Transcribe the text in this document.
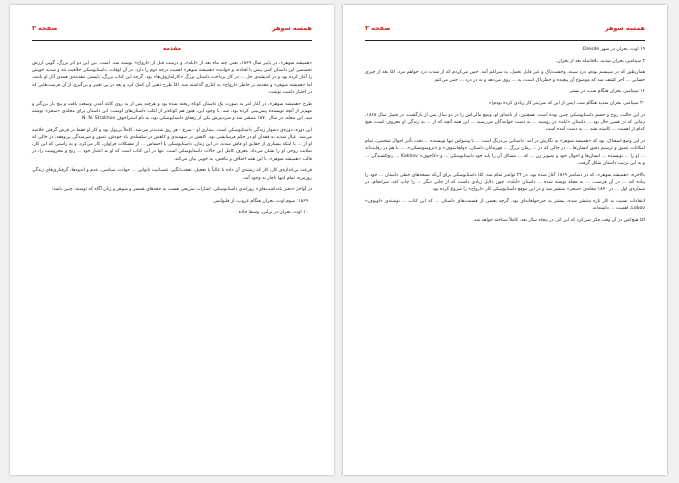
همسه سوهر
صفحه ۲
مقدمه

«همیشه شوهر»، در پاییز سال ۱۸۶۹، یعنی چند ماه بعد از «ابله»، و درست قبل از «ارواح» نوشته شد. است. بین این دو اثر بزرگ، گویی ارزش تخصصی این داستان کمی پیش پا افتاده، و خواننده «همیشه شوهر» اهمیت درجه دوم را دارد. در آن اوقات، داستایوسکی خلاقیت تند و شدید خویش را آغاز کرده بود و در اندیشه‌ی حل ... در کار پرداخت داستان بزرگ «کارامازوف‌ها» بود. گرچه این کتاب بزرگ، بایستی مقدمه‌ی همه‌ی آثار او باشد، اما «همیشه شوهر» و مقدمه بر خاطر «ارواح» به کناری گذاشته شد. امّا طرح ذهنی آن کمک کرد و بعد در پی تغییر و بی‌گیری از آن فرصت‌هایی که در اختیار داشت نوشت.

طرح «همیشه شوهر»، در آغاز امر به صورت یک داستان کوتاه ریخته شده بود و هرچند پس از به روی کاغذ آمدن وسعت یافت و پنج بار بزرگتر و مهم‌تر از آنچه نویسنده پیش‌بینی کرده بود، شد. با وجود این، هنوز هم کوتاه‌تر از اغلب داستان‌های اوست. این داستان برای مجله‌ی «سحر» نوشته شد، این مجله، در سال ۱۸۷۰ منتشر شد و سردبیرش یکی از رفقای داستایوسکی بود، به نام استراخوف N. N. Strakhov.

این دوره، دوره‌ی دشوار زندگی داستایوسکی است. بیماری او - صرع - هر روز شدیدتر می‌شد. کاملاً بی‌پول بود و کار او فقط در قرض گرفتن خلاصه می‌شد. عیال شدید به فقدان او در حکم فرسایشی بود. کاهش در سهمیه‌ی و کاهش در سلسله‌ی یاد خودش، تصور و شرمندگی بی‌وقفه، در حالی که او از ... با اینکه بسیاری از حقایق او فاش شدند، در این زمان، داستایوسکی با احساس ... از مشکلات فراوان، کار می‌کرد، و به راستی که این کار، صلابت روحی او را نشان می‌داد. معرف کامل این حالات داستایوسکی است. تنها در این کتاب است که او به اعتبار خود ... رنج و محرومیت را، در قالب «همیشه شوهر»، با این همه اختلاف و تناقض، به خوبی بیان می‌کند.

قرعت بی‌اندازه‌ی کار، کار که رشته‌ی آن داده تا غالباً با تعجیل، تعجب‌انگیز، عصبانیت ناتوانی ... حوادث سیاسی، عدم و اندوه‌ها، گرفتاری‌های زندگی روزمره، تمام اینها ناچار به وجود آمد.

در آواخر «دفتر یادداشت‌های» روزانه‌ی داستایوسکی، اشارات صریحی هست به حقه‌های همسر و شوهر و زنان آگاه که توشته، چنین باشد:

۱۸۶۹: سوم اوت، بحران هنگام غروب، از قلیوانس.
۱۰ اوت، بحران در برلین، وسط جاده.
همسه سوهر
صفحه ۳

۱۹ اوت، بحران در شهر Dresde.

۲ سپتامبر، بحران شدید، بلافاصله بعد از بحران.

همان‌طور که در سیستم بودم، درد سینه، وحشت‌ناک و غیر قابل تحمل، به سراغم آمد. حس می‌کردم که از شدت درد خواهم مرد. امّا بعد از چیزی حسابی ... آخر کشف شد که موضوع آن پیچیده و خطرناک است، به ... روی می‌دهد و نه در درد ... حس می‌کنم.

۱۶ سپتامبر، بحران هنگام شب، در بستر.

۳۰ سپتامبر، بحران شدید هنگام شب (پس از این که سرتیتر کار زیادی کرده بودم)»

در این حالت، روح و جسم داستایوسکی چنین بوده است. همچنین، از نامه‌ای او، وضع مالی‌اش را در دو سال پس از بازگشت، در فصل سال ۱۸۶۸، زمانی که در همین حال بود ... داستان «ابله» در روسیه ... به دست خوانندگان می‌رسید ... این همه آنچه که از ... به زندگی او معروف است، هیچ کدام از اهمیت ... کاسته نشد ... به دست آمده است.

در این وضع اسفناک، بود که «همیشه شوهر» به نگارش در آمد. داستانی بی‌درنگ است ... با وسواس تنها نویسنده ... تحت تأثیر احوال شخصی، تمام امکانات عمیق و ترسیم دقیق انسان‌ها ... در حالی که در ... رمان بزرگ ... قهرمانان داستان، «ولچانینوف» و «تروسوتسکی»، ... با هم در رقابت‌اند ... او را ... نویسنده ... انسان‌ها و احوال خود و تصویر زن ... که ... مسائل آن را باید خود داستایوسکی ... و «کاخوف» Kakhov ... رنج‌کشیدگی ... و به این ترتیب داستان شکل گرفت.

بالاخره، «همیشه شوهر»، که در دسامبر ۱۸۶۹ آغاز شده بود، در ۲۲ نوامبر تمام شد. امّا داستایوسکی برای آن‌که نسخه‌های خطی داستان ... خود را پیاده کند ... در آن فرصت، ... به مجله نوشته شده ... داستان «ابله»، چون دلایل زیادی داشت که از جایی دیگر ... را چاپ کند، سرانجام، در شماره‌ی اول ... در ۱۸۷۰ مجله‌ی «سحر» منتشر شد و در این موقع داستایوسکی کار «ارواح» را شروع کرده بود.

انتقادات نسبت به کار تازه منتشر شده، بیشتر به خیرخواهانه‌ای بود. گرچه بعضی از قسمت‌های داستان ... که این کتاب ... نوشته‌ی «لوبوف» Lobov، اهمیت ... داشته‌اند.

امّا هیچ‌کس در آن وقت فکر نمی‌کرد که این اثر، در پنجاه سال بعد، کاملاً شناخته خواهد شد.
